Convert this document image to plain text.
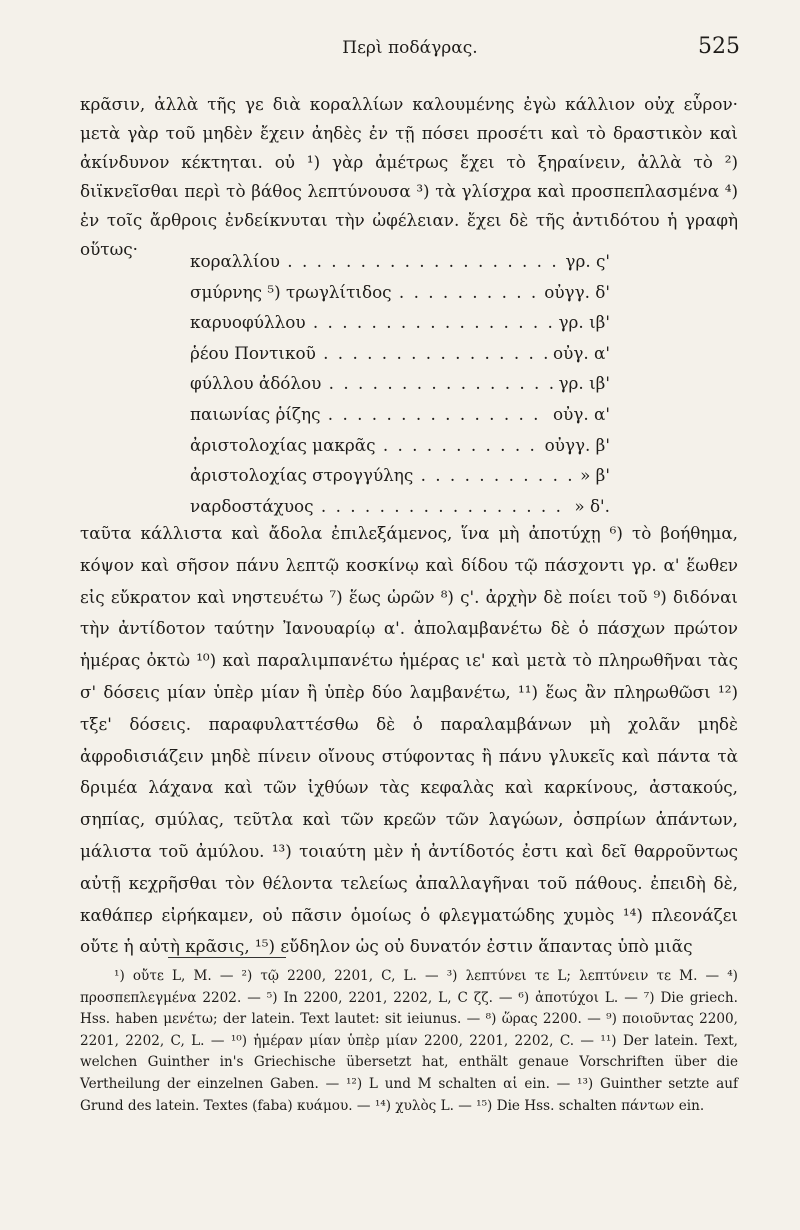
Περὶ ποδάγρας.	525

κρᾶσιν, ἀλλὰ τῆς γε διὰ κοραλλίων καλουμένης ἐγὼ κάλλιον οὐχ εὗρον· μετὰ γὰρ τοῦ μηδὲν ἔχειν ἀηδὲς ἐν τῇ πόσει προσέτι καὶ τὸ δραστικὸν καὶ ἀκίνδυνον κέκτηται. οὐ ¹) γὰρ ἀμέτρως ἔχει τὸ ξηραίνειν, ἀλλὰ τὸ ²) διϊκνεῖσθαι περὶ τὸ βάθος λεπτύνουσα ³) τὰ γλίσχρα καὶ προσπεπλασμένα ⁴) ἐν τοῖς ἄρθροις ἐνδείκνυται τὴν ὠφέλειαν. ἔχει δὲ τῆς ἀντιδότου ἡ γραφὴ οὕτως·

κοραλλίου . . .	γρ. ς'
σμύρνης ⁵) τρωγλίτιδος . . .	οὐγγ. δ'
καρυοφύλλου . . .	γρ. ιβ'
ῥέου Ποντικοῦ . . .	οὐγ. α'
φύλλου ἀδόλου . . .	γρ. ιβ'
παιωνίας ῥίζης . . .	οὐγ. α'
ἀριστολοχίας μακρᾶς . . .	οὐγγ. β'
ἀριστολοχίας στρογγύλης . . .	» β'
ναρδοστάχυος . . .	» δ'.

ταῦτα κάλλιστα καὶ ἄδολα ἐπιλεξάμενος, ἵνα μὴ ἀποτύχῃ ⁶) τὸ βοήθημα, κόψον καὶ σῆσον πάνυ λεπτῷ κοσκίνῳ καὶ δίδου τῷ πάσχοντι γρ. α' ἕωθεν εἰς εὔκρατον καὶ νηστευέτω ⁷) ἕως ὡρῶν ⁸) ς'. ἀρχὴν δὲ ποίει τοῦ ⁹) διδόναι τὴν ἀντίδοτον ταύτην Ἰανουαρίῳ α'. ἀπολαμβανέτω δὲ ὁ πάσχων πρώτον ἡμέρας ὀκτὼ ¹⁰) καὶ παραλιμπανέτω ἡμέρας ιε' καὶ μετὰ τὸ πληρωθῆναι τὰς σ' δόσεις μίαν ὑπὲρ μίαν ἢ ὑπὲρ δύο λαμβανέτω, ¹¹) ἕως ἂν πληρωθῶσι ¹²) τξε' δόσεις. παραφυλαττέσθω δὲ ὁ παραλαμβάνων μὴ χολᾶν μηδὲ ἀφροδισιάζειν μηδὲ πίνειν οἴνους στύφοντας ἢ πάνυ γλυκεῖς καὶ πάντα τὰ δριμέα λάχανα καὶ τῶν ἰχθύων τὰς κεφαλὰς καὶ καρκίνους, ἀστακούς, σηπίας, σμύλας, τεῦτλα καὶ τῶν κρεῶν τῶν λαγώων, ὀσπρίων ἁπάντων, μάλιστα τοῦ ἀμύλου. ¹³) τοιαύτη μὲν ἡ ἀντίδοτός ἐστι καὶ δεῖ θαρροῦντως αὐτῇ κεχρῆσθαι τὸν θέλοντα τελείως ἀπαλλαγῆναι τοῦ πάθους. ἐπειδὴ δὲ, καθάπερ εἰρήκαμεν, οὐ πᾶσιν ὁμοίως ὁ φλεγματώδης χυμὸς ¹⁴) πλεονάζει οὔτε ἡ αὐτὴ κρᾶσις, ¹⁵) εὔδηλον ὡς οὐ δυνατόν ἐστιν ἅπαντας ὑπὸ μιᾶς

¹) οὔτε L, M. — ²) τῷ 2200, 2201, C, L. — ³) λεπτύνει τε L; λεπτύνειν τε M. — ⁴) προσπεπλεγμένα 2202. — ⁵) In 2200, 2201, 2202, L, C ζζ. — ⁶) ἀποτύχοι L. — ⁷) Die griech. Hss. haben μενέτω; der latein. Text lautet: sit ieiunus. — ⁸) ὥρας 2200. — ⁹) ποιοῦντας 2200, 2201, 2202, C, L. — ¹⁰) ἡμέραν μίαν ὑπὲρ μίαν 2200, 2201, 2202, C. — ¹¹) Der latein. Text, welchen Guinther in's Griechische übersetzt hat, enthält genaue Vorschriften über die Vertheilung der einzelnen Gaben. — ¹²) L und M schalten αἱ ein. — ¹³) Guinther setzte auf Grund des latein. Textes (faba) κυάμου. — ¹⁴) χυλὸς L. — ¹⁵) Die Hss. schalten πάντων ein.
